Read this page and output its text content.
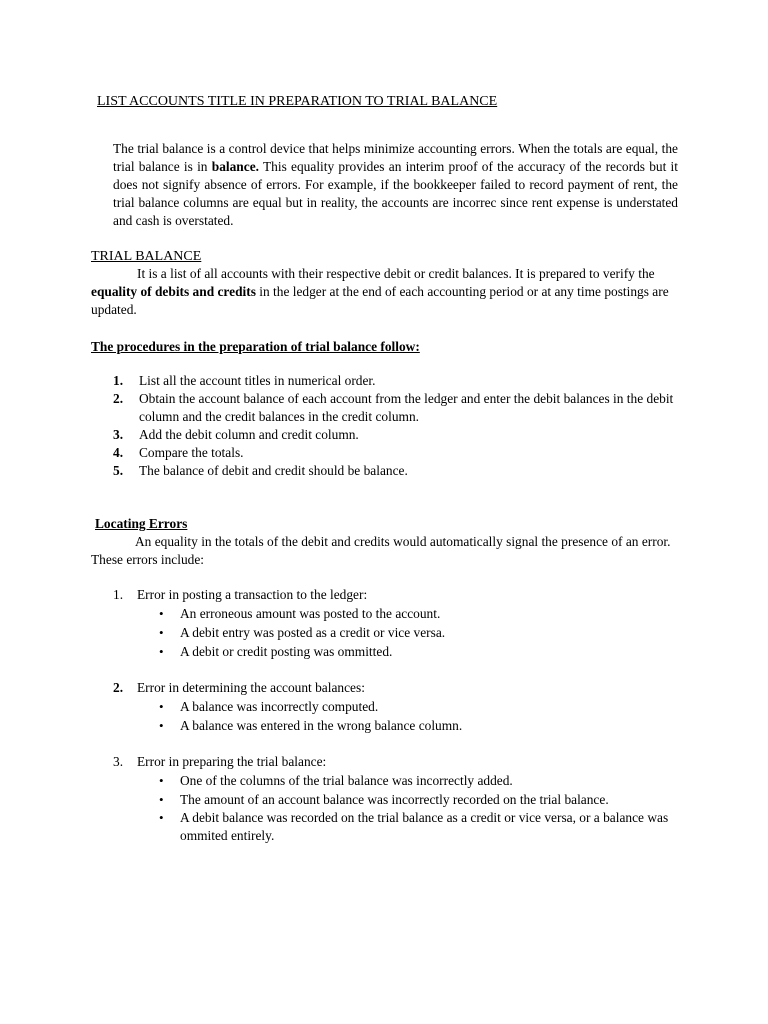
LIST ACCOUNTS TITLE IN PREPARATION TO TRIAL BALANCE

The trial balance is a control device that helps minimize accounting errors. When the totals are equal, the trial balance is in balance. This equality provides an interim proof of the accuracy of the records but it does not signify absence of errors. For example, if the bookkeeper failed to record payment of rent, the trial balance columns are equal but in reality, the accounts are incorrec since rent expense is understated and cash is overstated.

TRIAL BALANCE

It is a list of all accounts with their respective debit or credit balances. It is prepared to verify the equality of debits and credits in the ledger at the end of each accounting period or at any time postings are updated.

The procedures in the preparation of trial balance follow:
1. List all the account titles in numerical order.
2. Obtain the account balance of each account from the ledger and enter the debit balances in the debit column and the credit balances in the credit column.
3. Add the debit column and credit column.
4. Compare the totals.
5. The balance of debit and credit should be balance.
Locating Errors

An equality in the totals of the debit and credits would automatically signal the presence of an error. These errors include:

1. Error in posting a transaction to the ledger:
• An erroneous amount was posted to the account.
• A debit entry was posted as a credit or vice versa.
• A debit or credit posting was ommitted.
2. Error in determining the account balances:
• A balance was incorrectly computed.
• A balance was entered in the wrong balance column.
3. Error in preparing the trial balance:
• One of the columns of the trial balance was incorrectly added.
• The amount of an account balance was incorrectly recorded on the trial balance.
• A debit balance was recorded on the trial balance as a credit or vice versa, or a balance was ommited entirely.
